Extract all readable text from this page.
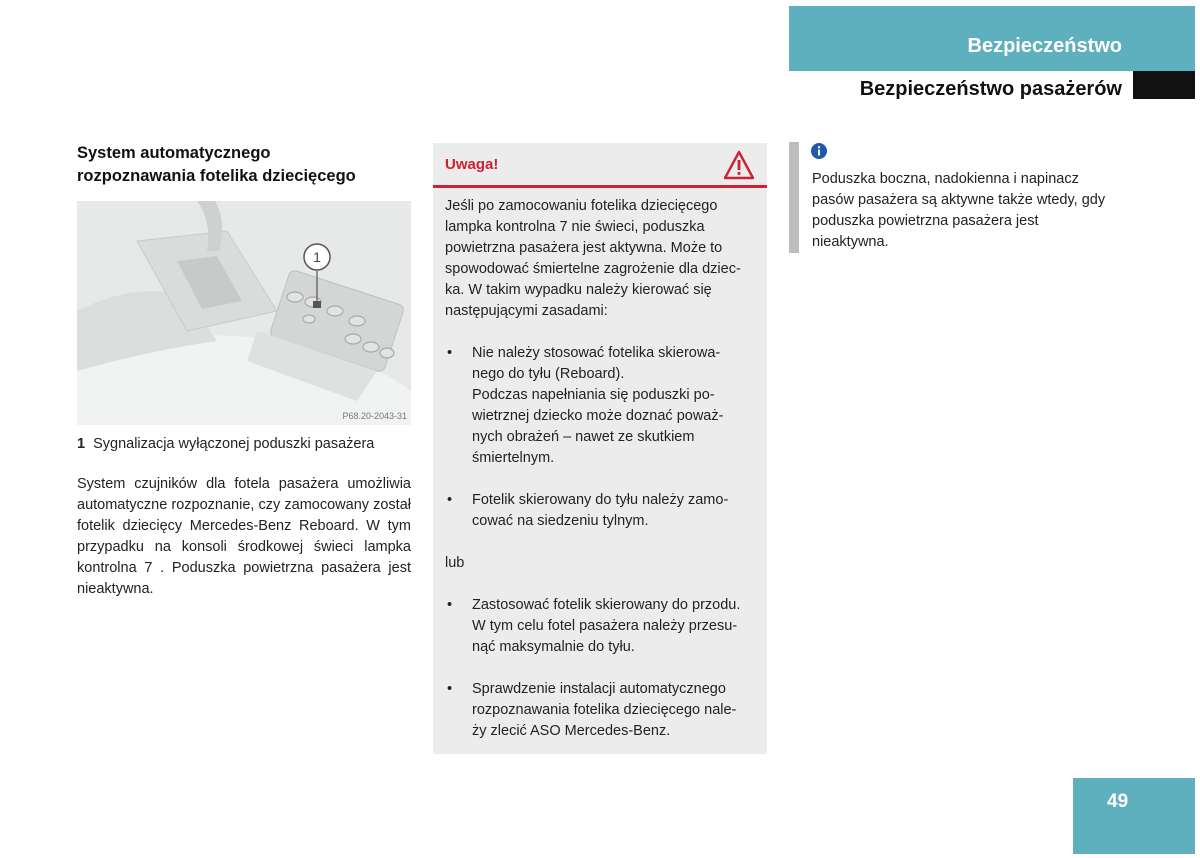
Bezpieczeństwo
Bezpieczeństwo pasażerów

System automatycznego

rozpoznawania fotelika dziecięcego

1
P68.20-2043-31
1 Sygnalizacja wyłączonej poduszki pasażera

System czujników dla fotela pasażera umożliwia automatyczne rozpoznanie, czy zamocowany został fotelik dziecięcy Mercedes-Benz Reboard. W tym przypadku na konsoli środkowej świeci lampka kontrolna 7 . Poduszka powietrzna pasażera jest nieaktywna.

Uwaga!

Jeśli po zamocowaniu fotelika dziecięcego

lampka kontrolna 7 nie świeci, poduszka

powietrzna pasażera jest aktywna. Może to

spowodować śmiertelne zagrożenie dla dziec-

ka. W takim wypadku należy kierować się

następującymi zasadami:

• Nie należy stosować fotelika skierowa-

nego do tyłu (Reboard).

Podczas napełniania się poduszki po-

wietrznej dziecko może doznać poważ-

nych obrażeń – nawet ze skutkiem

śmiertelnym.

• Fotelik skierowany do tyłu należy zamo-

cować na siedzeniu tylnym.

lub

• Zastosować fotelik skierowany do przodu.

W tym celu fotel pasażera należy przesu-

nąć maksymalnie do tyłu.

• Sprawdzenie instalacji automatycznego

rozpoznawania fotelika dziecięcego nale-

ży zlecić ASO Mercedes-Benz.

Poduszka boczna, nadokienna i napinacz pasów pasażera są aktywne także wtedy, gdy poduszka powietrzna pasażera jest nieaktywna.

49
